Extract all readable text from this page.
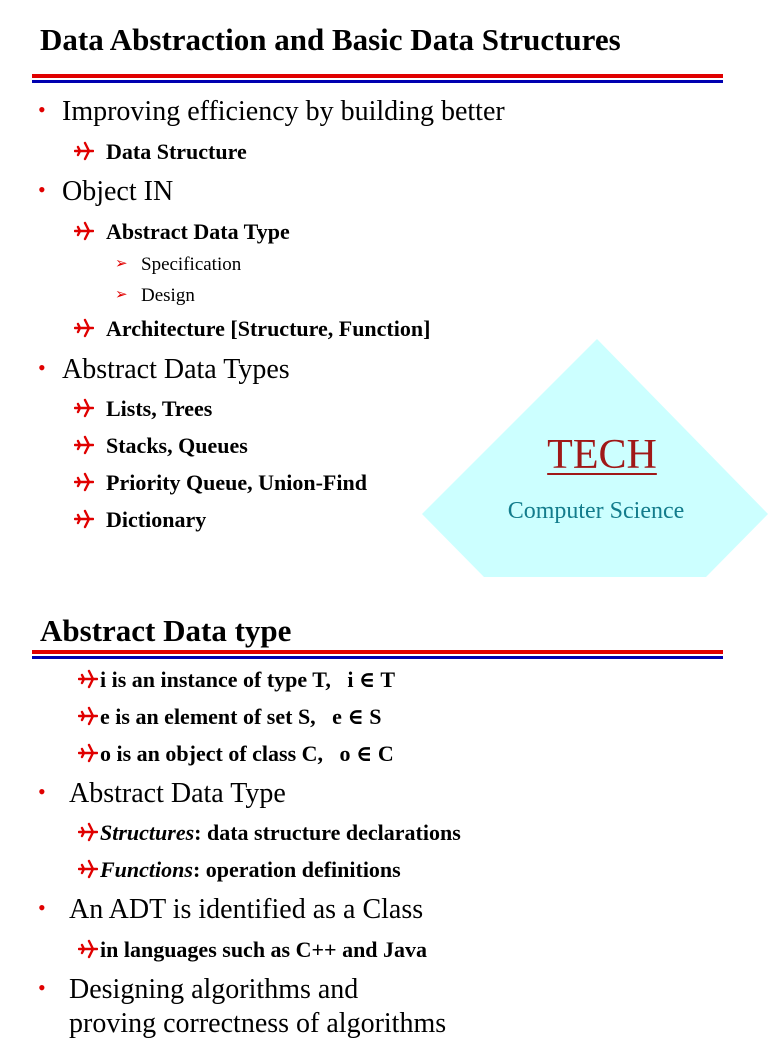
Data Abstraction and Basic Data Structures
• Improving efficiency by building better
Data Structure
• Object IN
Abstract Data Type
➢ Specification
➢ Design
Architecture [Structure, Function]
• Abstract Data Types
Lists, Trees
Stacks, Queues
Priority Queue, Union-Find
Dictionary
TECH
Computer Science
Abstract Data type
i is an instance of type T,   i ∈ T
e is an element of set S,   e ∈ S
o is an object of class C,   o ∈ C
• Abstract Data Type
Structures: data structure declarations
Functions: operation definitions
• An ADT is identified as a Class
in languages such as C++ and Java
• Designing algorithms and
proving correctness of algorithms
